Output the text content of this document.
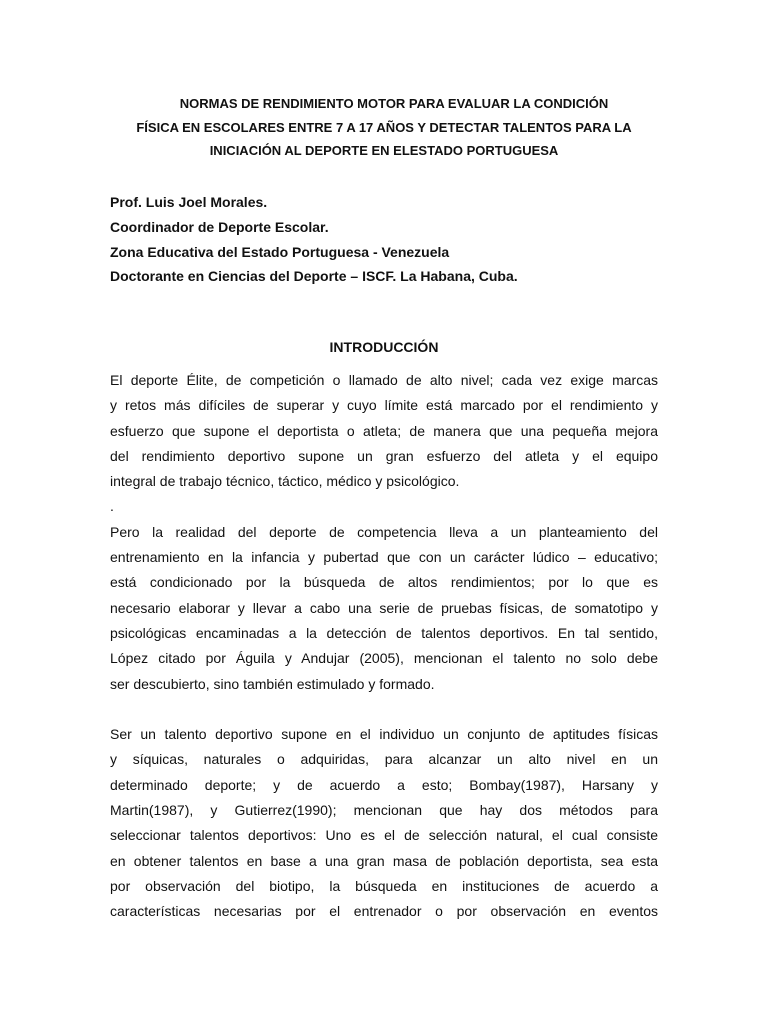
NORMAS DE RENDIMIENTO MOTOR PARA EVALUAR LA CONDICIÓN
FÍSICA EN ESCOLARES ENTRE 7 A 17 AÑOS Y DETECTAR TALENTOS PARA LA
INICIACIÓN AL DEPORTE EN ELESTADO PORTUGUESA
Prof. Luis Joel Morales.
Coordinador de Deporte Escolar.
Zona Educativa del Estado Portuguesa - Venezuela
Doctorante en Ciencias del Deporte – ISCF. La Habana, Cuba.
INTRODUCCIÓN
El deporte Élite, de competición o llamado de alto nivel; cada vez exige marcas
y retos más difíciles de superar y cuyo límite está marcado por el rendimiento y
esfuerzo que supone el deportista o atleta; de manera que una pequeña mejora
del rendimiento deportivo supone un gran esfuerzo del atleta y el equipo
integral de trabajo técnico, táctico, médico y psicológico.
.
Pero la realidad del deporte de competencia lleva a un planteamiento del
entrenamiento en la infancia y pubertad que con un carácter lúdico – educativo;
está condicionado por la búsqueda de altos rendimientos; por lo que es
necesario elaborar y llevar a cabo una serie de pruebas físicas, de somatotipo y
psicológicas encaminadas a la detección de talentos deportivos. En tal sentido,
López citado por Águila y Andujar (2005), mencionan el talento no solo debe
ser descubierto, sino también estimulado y formado.
Ser un talento deportivo supone en el individuo un conjunto de aptitudes físicas
y síquicas, naturales o adquiridas, para alcanzar un alto nivel en un
determinado deporte; y de acuerdo a esto; Bombay(1987), Harsany y
Martin(1987), y Gutierrez(1990); mencionan que hay dos métodos para
seleccionar talentos deportivos: Uno es el de selección natural, el cual consiste
en obtener talentos en base a una gran masa de población deportista, sea esta
por observación del biotipo, la búsqueda en instituciones de acuerdo a
características necesarias por el entrenador o por observación en eventos
